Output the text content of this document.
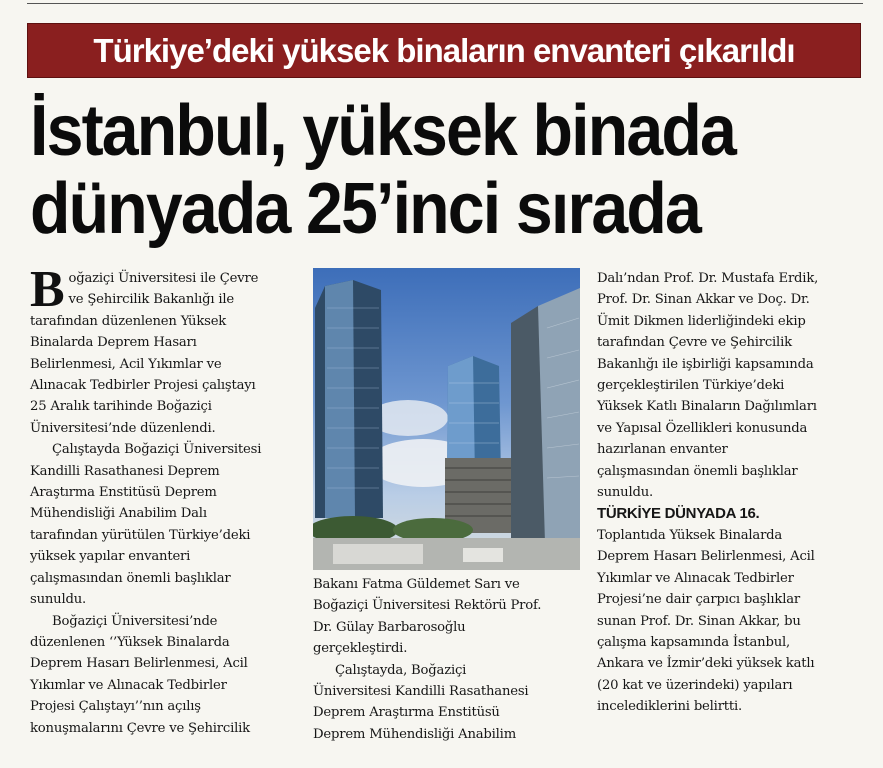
Türkiye’deki yüksek binaların envanteri çıkarıldı
İstanbul, yüksek binada
dünyada 25’inci sırada
B oğaziçi Üniversitesi ile Çevre

ve Şehircilik Bakanlığı ile

tarafından düzenlenen Yüksek

Binalarda Deprem Hasarı

Belirlenmesi, Acil Yıkımlar ve

Alınacak Tedbirler Projesi çalıştayı

25 Aralık tarihinde Boğaziçi

Üniversitesi’nde düzenlendi.

Çalıştayda Boğaziçi Üniversitesi

Kandilli Rasathanesi Deprem

Araştırma Enstitüsü Deprem

Mühendisliği Anabilim Dalı

tarafından yürütülen Türkiye’deki

yüksek yapılar envanteri

çalışmasından önemli başlıklar

sunuldu.

Boğaziçi Üniversitesi’nde

düzenlenen ‘’Yüksek Binalarda

Deprem Hasarı Belirlenmesi, Acil

Yıkımlar ve Alınacak Tedbirler

Projesi Çalıştayı’’nın açılış

konuşmalarını Çevre ve Şehircilik

Bakanı Fatma Güldemet Sarı ve

Boğaziçi Üniversitesi Rektörü Prof.

Dr. Gülay Barbarosoğlu

gerçekleştirdi.

Çalıştayda, Boğaziçi

Üniversitesi Kandilli Rasathanesi

Deprem Araştırma Enstitüsü

Deprem Mühendisliği Anabilim

Dalı’ndan Prof. Dr. Mustafa Erdik,

Prof. Dr. Sinan Akkar ve Doç. Dr.

Ümit Dikmen liderliğindeki ekip

tarafından Çevre ve Şehircilik

Bakanlığı ile işbirliği kapsamında

gerçekleştirilen Türkiye’deki

Yüksek Katlı Binaların Dağılımları

ve Yapısal Özellikleri konusunda

hazırlanan envanter

çalışmasından önemli başlıklar

sunuldu.

TÜRKİYE DÜNYADA 16.

Toplantıda Yüksek Binalarda

Deprem Hasarı Belirlenmesi, Acil

Yıkımlar ve Alınacak Tedbirler

Projesi’ne dair çarpıcı başlıklar

sunan Prof. Dr. Sinan Akkar, bu

çalışma kapsamında İstanbul,

Ankara ve İzmir’deki yüksek katlı

(20 kat ve üzerindeki) yapıları

incelediklerini belirtti.
